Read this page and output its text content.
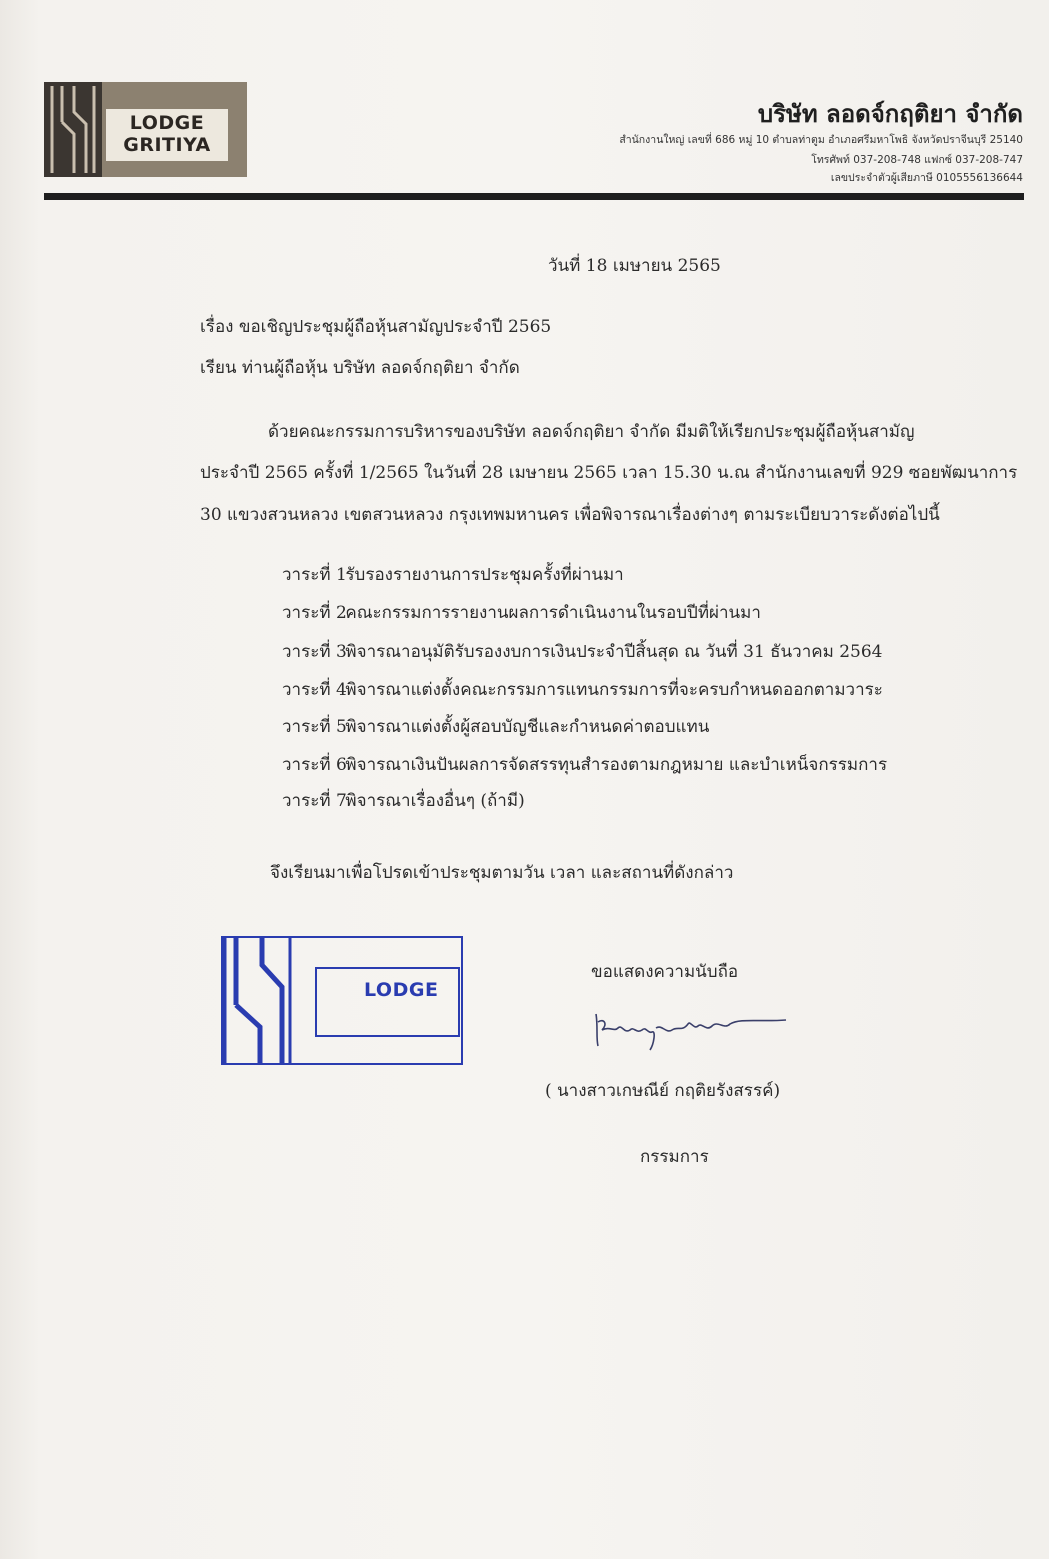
LODGE
GRITIYA
บริษัท ลอดจ์กฤติยา จำกัด
สำนักงานใหญ่ เลขที่ 686 หมู่ 10 ตำบลท่าตูม อำเภอศรีมหาโพธิ จังหวัดปราจีนบุรี 25140
โทรศัพท์ 037-208-748 แฟกซ์ 037-208-747
เลขประจำตัวผู้เสียภาษี 0105556136644
วันที่ 18 เมษายน 2565
เรื่อง ขอเชิญประชุมผู้ถือหุ้นสามัญประจำปี 2565
เรียน ท่านผู้ถือหุ้น บริษัท ลอดจ์กฤติยา จำกัด
ด้วยคณะกรรมการบริหารของบริษัท ลอดจ์กฤติยา จำกัด มีมติให้เรียกประชุมผู้ถือหุ้นสามัญ
ประจำปี 2565 ครั้งที่ 1/2565 ในวันที่ 28 เมษายน 2565 เวลา 15.30 น.ณ สำนักงานเลขที่ 929 ซอยพัฒนาการ
30 แขวงสวนหลวง เขตสวนหลวง กรุงเทพมหานคร เพื่อพิจารณาเรื่องต่างๆ ตามระเบียบวาระดังต่อไปนี้
วาระที่ 1 รับรองรายงานการประชุมครั้งที่ผ่านมา
วาระที่ 2 คณะกรรมการรายงานผลการดำเนินงานในรอบปีที่ผ่านมา
วาระที่ 3 พิจารณาอนุมัติรับรองงบการเงินประจำปีสิ้นสุด ณ วันที่ 31 ธันวาคม 2564
วาระที่ 4 พิจารณาแต่งตั้งคณะกรรมการแทนกรรมการที่จะครบกำหนดออกตามวาระ
วาระที่ 5 พิจารณาแต่งตั้งผู้สอบบัญชีและกำหนดค่าตอบแทน
วาระที่ 6 พิจารณาเงินปันผลการจัดสรรทุนสำรองตามกฎหมาย และบำเหน็จกรรมการ
วาระที่ 7 พิจารณาเรื่องอื่นๆ (ถ้ามี)
จึงเรียนมาเพื่อโปรดเข้าประชุมตามวัน เวลา และสถานที่ดังกล่าว
LODGE
ขอแสดงความนับถือ
( นางสาวเกษณีย์ กฤติยรังสรรค์)
กรรมการ
